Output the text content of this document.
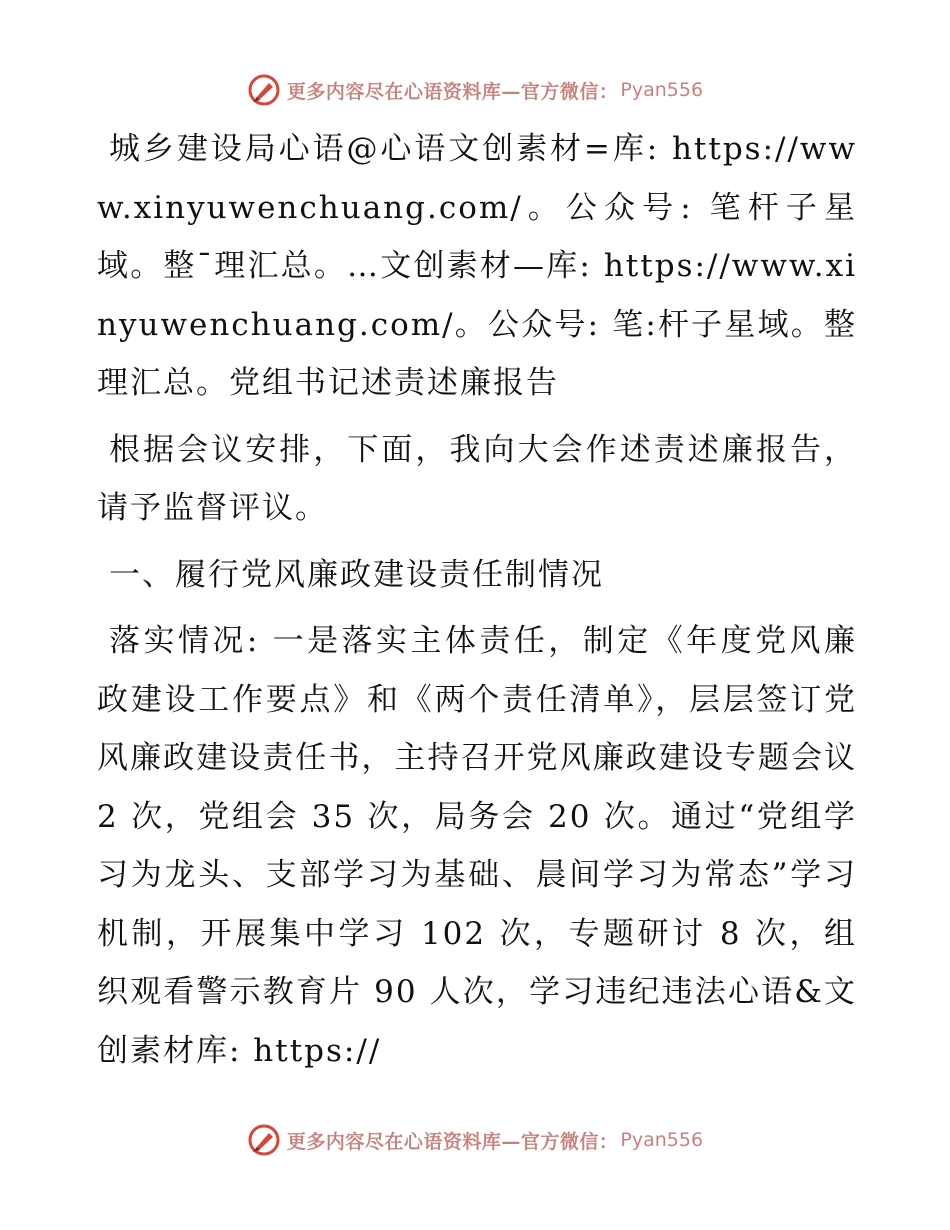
更多内容尽在心语资料库—官方微信： Pyan556

城乡建设局心语@心语文创素材=库: https://www.xinyuwenchuang.com/。公众号: 笔杆子星域。整¯理汇总。…文创素材—库: https://www.xinyuwenchuang.com/。公众号: 笔:杆子星域。整理汇总。党组书记述责述廉报告

根据会议安排，下面，我向大会作述责述廉报告，请予监督评议。

一、履行党风廉政建设责任制情况

落实情况: 一是落实主体责任，制定《年度党风廉政建设工作要点》和《两个责任清单》，层层签订党风廉政建设责任书，主持召开党风廉政建设专题会议 2 次，党组会 35 次，局务会 20 次。通过“党组学习为龙头、支部学习为基础、晨间学习为常态”学习机制，开展集中学习 102 次，专题研讨 8 次，组织观看警示教育片 90 人次，学习违纪违法心语&文创素材库: https://

更多内容尽在心语资料库—官方微信： Pyan556
